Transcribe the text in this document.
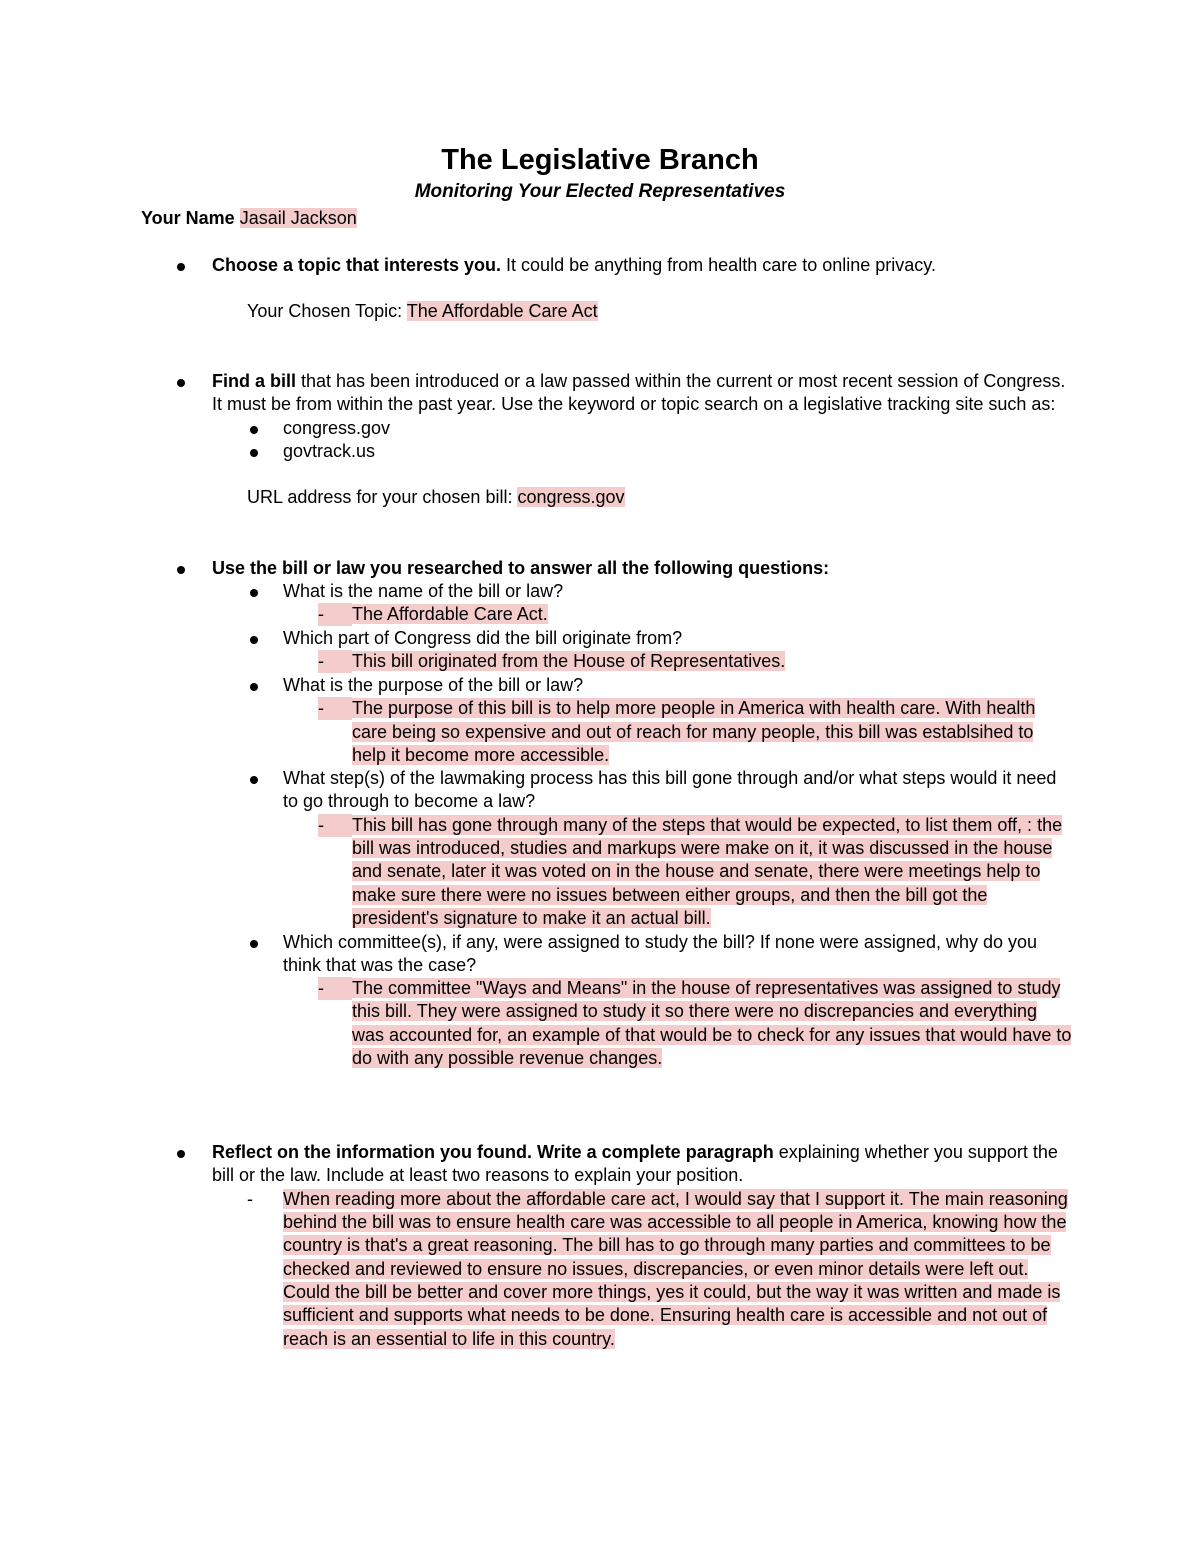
The Legislative Branch
Monitoring Your Elected Representatives
Your Name Jasail Jackson
Choose a topic that interests you. It could be anything from health care to online privacy.
Your Chosen Topic: The Affordable Care Act
Find a bill that has been introduced or a law passed within the current or most recent session of Congress.
It must be from within the past year. Use the keyword or topic search on a legislative tracking site such as:
congress.gov
govtrack.us
URL address for your chosen bill: congress.gov
Use the bill or law you researched to answer all the following questions:
What is the name of the bill or law?
-	The Affordable Care Act.
Which part of Congress did the bill originate from?
-	This bill originated from the House of Representatives.
What is the purpose of the bill or law?
-	The purpose of this bill is to help more people in America with health care. With health
care being so expensive and out of reach for many people, this bill was establsihed to
help it become more accessible.
What step(s) of the lawmaking process has this bill gone through and/or what steps would it need
to go through to become a law?
-	This bill has gone through many of the steps that would be expected, to list them off, : the
bill was introduced, studies and markups were make on it, it was discussed in the house
and senate, later it was voted on in the house and senate, there were meetings help to
make sure there were no issues between either groups, and then the bill got the
president's signature to make it an actual bill.
Which committee(s), if any, were assigned to study the bill? If none were assigned, why do you
think that was the case?
-	The committee "Ways and Means" in the house of representatives was assigned to study
this bill. They were assigned to study it so there were no discrepancies and everything
was accounted for, an example of that would be to check for any issues that would have to
do with any possible revenue changes.
Reflect on the information you found. Write a complete paragraph explaining whether you support the
bill or the law. Include at least two reasons to explain your position.
- When reading more about the affordable care act, I would say that I support it. The main reasoning
behind the bill was to ensure health care was accessible to all people in America, knowing how the
country is that's a great reasoning. The bill has to go through many parties and committees to be
checked and reviewed to ensure no issues, discrepancies, or even minor details were left out.
Could the bill be better and cover more things, yes it could, but the way it was written and made is
sufficient and supports what needs to be done. Ensuring health care is accessible and not out of
reach is an essential to life in this country.
